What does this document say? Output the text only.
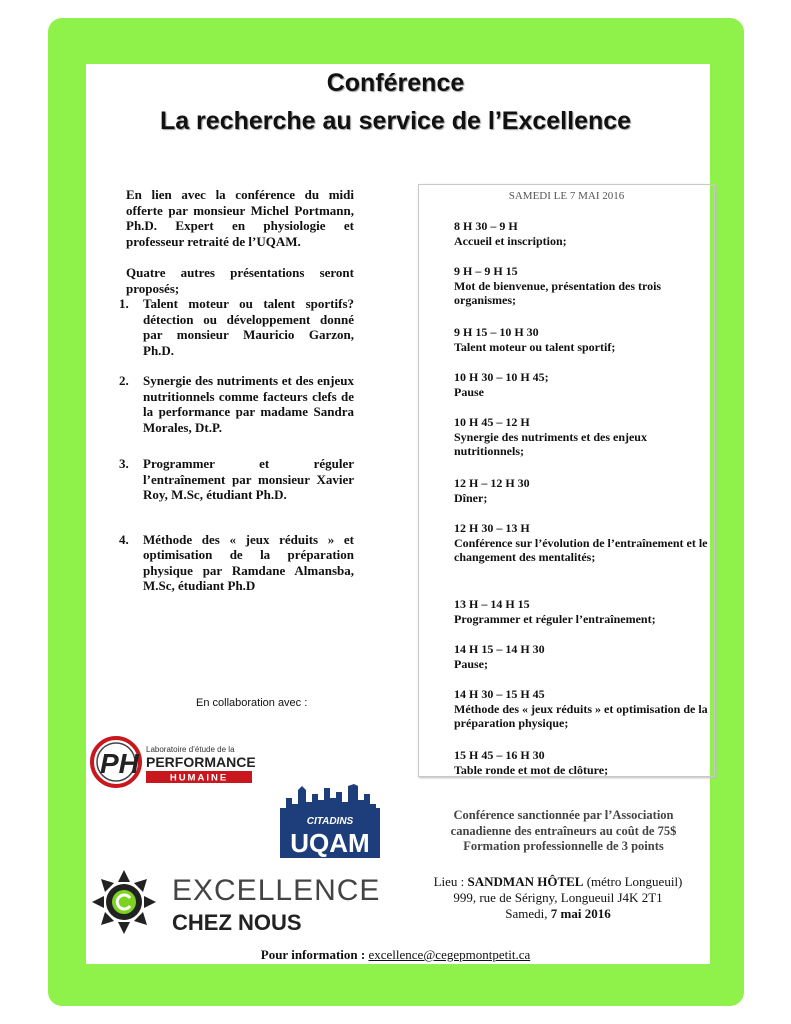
Conférence
La recherche au service de l’Excellence

En lien avec la conférence du midi offerte par monsieur Michel Portmann, Ph.D. Expert en physiologie et professeur retraité de l’UQAM.

Quatre autres présentations seront proposés;

1. Talent moteur ou talent sportifs? détection ou développement donné par monsieur Mauricio Garzon, Ph.D.
2. Synergie des nutriments et des enjeux nutritionnels comme facteurs clefs de la performance par madame Sandra Morales, Dt.P.
3. Programmer et réguler l’entraînement par monsieur Xavier Roy, M.Sc, étudiant Ph.D.
4. Méthode des « jeux réduits » et optimisation de la préparation physique par Ramdane Almansba, M.Sc, étudiant Ph.D
En collaboration avec :
SAMEDI LE 7 MAI 2016
8 H 30 – 9 H
Accueil et inscription;
9 H – 9 H 15
Mot de bienvenue, présentation des trois organismes;
9 H 15 – 10 H 30
Talent moteur ou talent sportif;
10 H 30 – 10 H 45;
Pause
10 H 45 – 12 H
Synergie des nutriments et des enjeux nutritionnels;
12 H – 12 H 30
Dîner;
12 H 30 – 13 H
Conférence sur l’évolution de l’entraînement et le changement des mentalités;
13 H – 14 H 15
Programmer et réguler l’entraînement;
14 H 15 – 14 H 30
Pause;
14 H 30 – 15 H 45
Méthode des « jeux réduits » et optimisation de la préparation physique;
15 H 45 – 16 H 30
Table ronde et mot de clôture;
PH Laboratoire d’étude de la
PERFORMANCE
HUMAINE
CITADINS
UQAM
EXCELLENCE
CHEZ NOUS
Conférence sanctionnée par l’Association
canadienne des entraîneurs au coût de 75$
Formation professionnelle de 3 points
Lieu : SANDMAN HÔTEL (métro Longueuil)
999, rue de Sérigny, Longueuil J4K 2T1
Samedi, 7 mai 2016
Pour information : excellence@cegepmontpetit.ca
